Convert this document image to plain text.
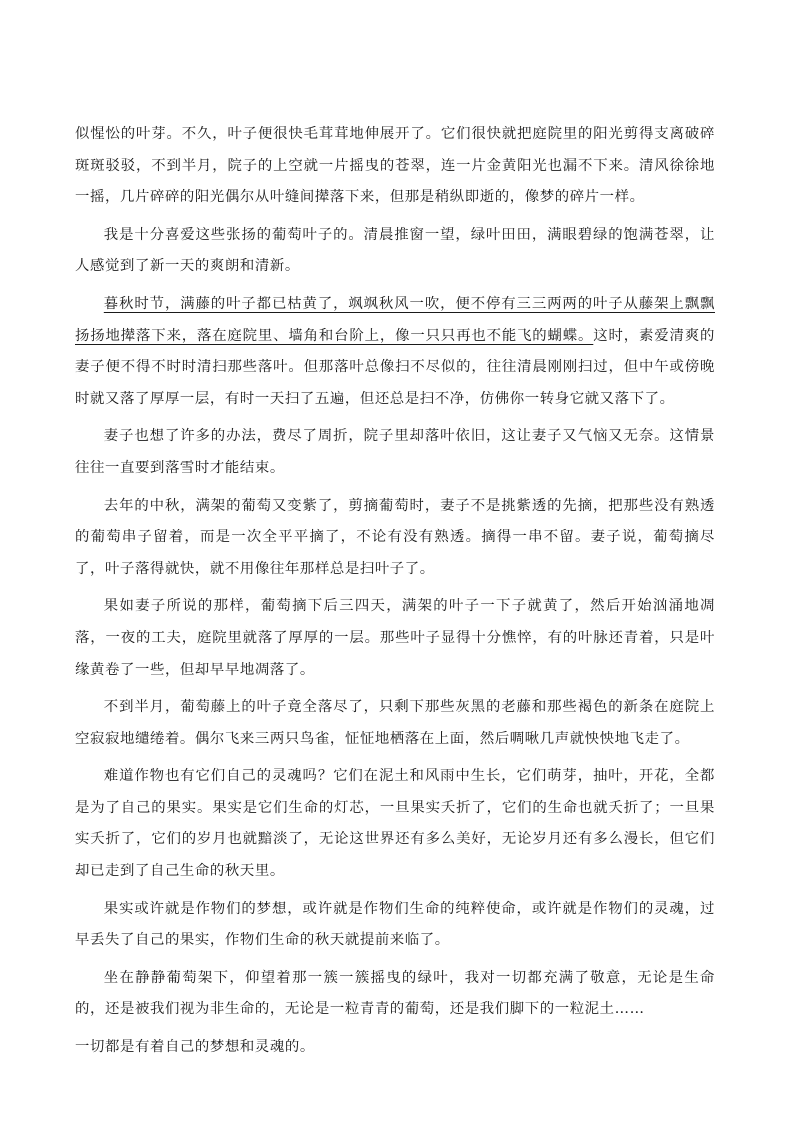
似惺忪的叶芽。不久，叶子便很快毛茸茸地伸展开了。它们很快就把庭院里的阳光剪得支离破碎斑斑驳驳，不到半月，院子的上空就一片摇曳的苍翠，连一片金黄阳光也漏不下来。清风徐徐地一摇，几片碎碎的阳光偶尔从叶缝间撵落下来，但那是稍纵即逝的，像梦的碎片一样。

我是十分喜爱这些张扬的葡萄叶子的。清晨推窗一望，绿叶田田，满眼碧绿的饱满苍翠，让人感觉到了新一天的爽朗和清新。

暮秋时节，满藤的叶子都已枯黄了，飒飒秋风一吹，便不停有三三两两的叶子从藤架上飘飘扬扬地撵落下来，落在庭院里、墙角和台阶上，像一只只再也不能飞的蝴蝶。这时，素爱清爽的妻子便不得不时时清扫那些落叶。但那落叶总像扫不尽似的，往往清晨刚刚扫过，但中午或傍晚时就又落了厚厚一层，有时一天扫了五遍，但还总是扫不净，仿佛你一转身它就又落下了。

妻子也想了许多的办法，费尽了周折，院子里却落叶依旧，这让妻子又气恼又无奈。这情景往往一直要到落雪时才能结束。

去年的中秋，满架的葡萄又变紫了，剪摘葡萄时，妻子不是挑紫透的先摘，把那些没有熟透的葡萄串子留着，而是一次全平平摘了，不论有没有熟透。摘得一串不留。妻子说，葡萄摘尽了，叶子落得就快，就不用像往年那样总是扫叶子了。

果如妻子所说的那样，葡萄摘下后三四天，满架的叶子一下子就黄了，然后开始汹涌地凋落，一夜的工夫，庭院里就落了厚厚的一层。那些叶子显得十分憔悴，有的叶脉还青着，只是叶缘黄卷了一些，但却早早地凋落了。

不到半月，葡萄藤上的叶子竟全落尽了，只剩下那些灰黑的老藤和那些褐色的新条在庭院上空寂寂地缱绻着。偶尔飞来三两只鸟雀，怔怔地栖落在上面，然后啁啾几声就怏怏地飞走了。

难道作物也有它们自己的灵魂吗？它们在泥土和风雨中生长，它们萌芽，抽叶，开花，全都是为了自己的果实。果实是它们生命的灯芯，一旦果实夭折了，它们的生命也就夭折了；一旦果实夭折了，它们的岁月也就黯淡了，无论这世界还有多么美好，无论岁月还有多么漫长，但它们却已走到了自己生命的秋天里。

果实或许就是作物们的梦想，或许就是作物们生命的纯粹使命，或许就是作物们的灵魂，过早丢失了自己的果实，作物们生命的秋天就提前来临了。

坐在静静葡萄架下，仰望着那一簇一簇摇曳的绿叶，我对一切都充满了敬意，无论是生命的，还是被我们视为非生命的，无论是一粒青青的葡萄，还是我们脚下的一粒泥土……

一切都是有着自己的梦想和灵魂的。
